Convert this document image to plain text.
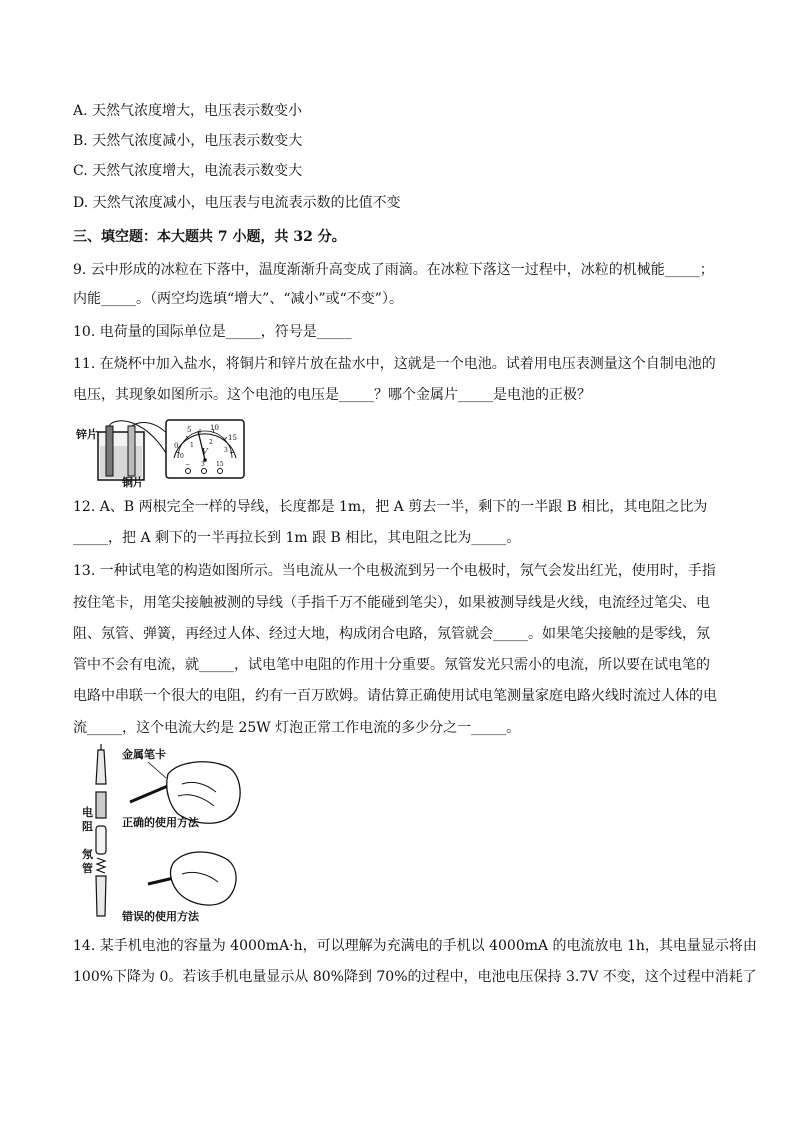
A. 天然气浓度增大，电压表示数变小
B. 天然气浓度减小，电压表示数变大
C. 天然气浓度增大，电流表示数变大
D. 天然气浓度减小，电压表与电流表示数的比值不变
三、填空题：本大题共 7 小题，共 32 分。
9. 云中形成的冰粒在下落中，温度渐渐升高变成了雨滴。在冰粒下落这一过程中，冰粒的机械能_____；
内能_____。（两空均选填“增大”、“减小”或“不变”）。
10. 电荷量的国际单位是_____，符号是_____
11. 在烧杯中加入盐水，将铜片和锌片放在盐水中，这就是一个电池。试着用电压表测量这个自制电池的
电压，其现象如图所示。这个电池的电压是_____？哪个金属片_____是电池的正极？
锌片
铜片
0
5	10
15
0
1	2
3
V
− 3 15
12. A、B 两根完全一样的导线，长度都是 1m，把 A 剪去一半，剩下的一半跟 B 相比，其电阻之比为
_____，把 A 剩下的一半再拉长到 1m 跟 B 相比，其电阻之比为_____。
13. 一种试电笔的构造如图所示。当电流从一个电极流到另一个电极时，氖气会发出红光，使用时，手指
按住笔卡，用笔尖接触被测的导线（手指千万不能碰到笔尖），如果被测导线是火线，电流经过笔尖、电
阻、氖管、弹簧，再经过人体、经过大地，构成闭合电路，氖管就会_____。如果笔尖接触的是零线，氖
管中不会有电流，就_____，试电笔中电阻的作用十分重要。氖管发光只需小的电流，所以要在试电笔的
电路中串联一个很大的电阻，约有一百万欧姆。请估算正确使用试电笔测量家庭电路火线时流过人体的电
流_____，这个电流大约是 25W 灯泡正常工作电流的多少分之一_____。
电
阻
氖
管
金属笔卡
正确的使用方法
错误的使用方法
14. 某手机电池的容量为 4000mA·h，可以理解为充满电的手机以 4000mA 的电流放电 1h，其电量显示将由
100%下降为 0。若该手机电量显示从 80%降到 70%的过程中，电池电压保持 3.7V 不变，这个过程中消耗了
